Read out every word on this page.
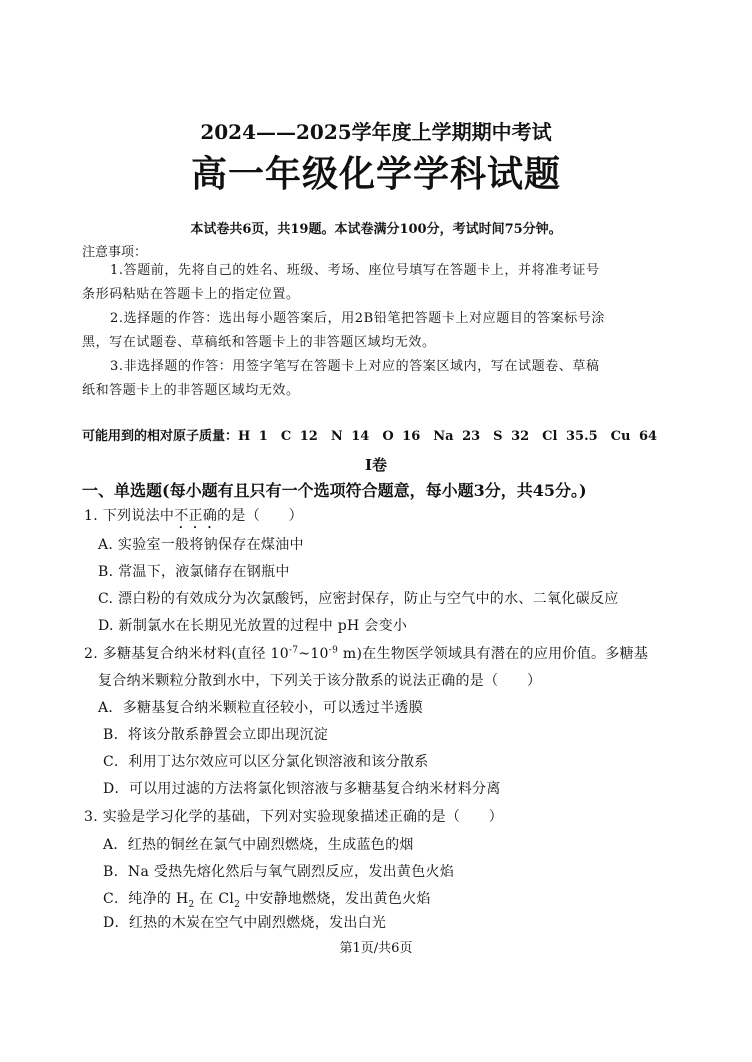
2024——2025学年度上学期期中考试
高一年级化学学科试题
本试卷共6页，共19题。本试卷满分100分，考试时间75分钟。
注意事项：
1.答题前，先将自己的姓名、班级、考场、座位号填写在答题卡上，并将准考证号
条形码粘贴在答题卡上的指定位置。
2.选择题的作答：选出每小题答案后，用2B铅笔把答题卡上对应题目的答案标号涂
黑，写在试题卷、草稿纸和答题卡上的非答题区域均无效。
3.非选择题的作答：用签字笔写在答题卡上对应的答案区域内，写在试题卷、草稿
纸和答题卡上的非答题区域均无效。
可能用到的相对原子质量：H 1　C 12　N 14　O 16　Na 23　S 32　Cl 35.5　Cu 64
I卷
一、单选题(每小题有且只有一个选项符合题意，每小题3分，共45分。)
1. 下列说法中不正确的是（　　）
A. 实验室一般将钠保存在煤油中
B. 常温下，液氯储存在钢瓶中
C. 漂白粉的有效成分为次氯酸钙，应密封保存，防止与空气中的水、二氧化碳反应
D. 新制氯水在长期见光放置的过程中 pH 会变小
2. 多糖基复合纳米材料(直径 $10^{-7}\sim 10^{-9}$ m)在生物医学领域具有潜在的应用价值。多糖基
复合纳米颗粒分散到水中，下列关于该分散系的说法正确的是（　　）
A．多糖基复合纳米颗粒直径较小，可以透过半透膜
B．将该分散系静置会立即出现沉淀
C．利用丁达尔效应可以区分氯化钡溶液和该分散系
D．可以用过滤的方法将氯化钡溶液与多糖基复合纳米材料分离
3. 实验是学习化学的基础，下列对实验现象描述正确的是（　　）
A．红热的铜丝在氯气中剧烈燃烧，生成蓝色的烟
B．Na 受热先熔化然后与氧气剧烈反应，发出黄色火焰
C．纯净的 $H_2$ 在 $Cl_2$ 中安静地燃烧，发出黄色火焰
D．红热的木炭在空气中剧烈燃烧，发出白光
第1页/共6页
